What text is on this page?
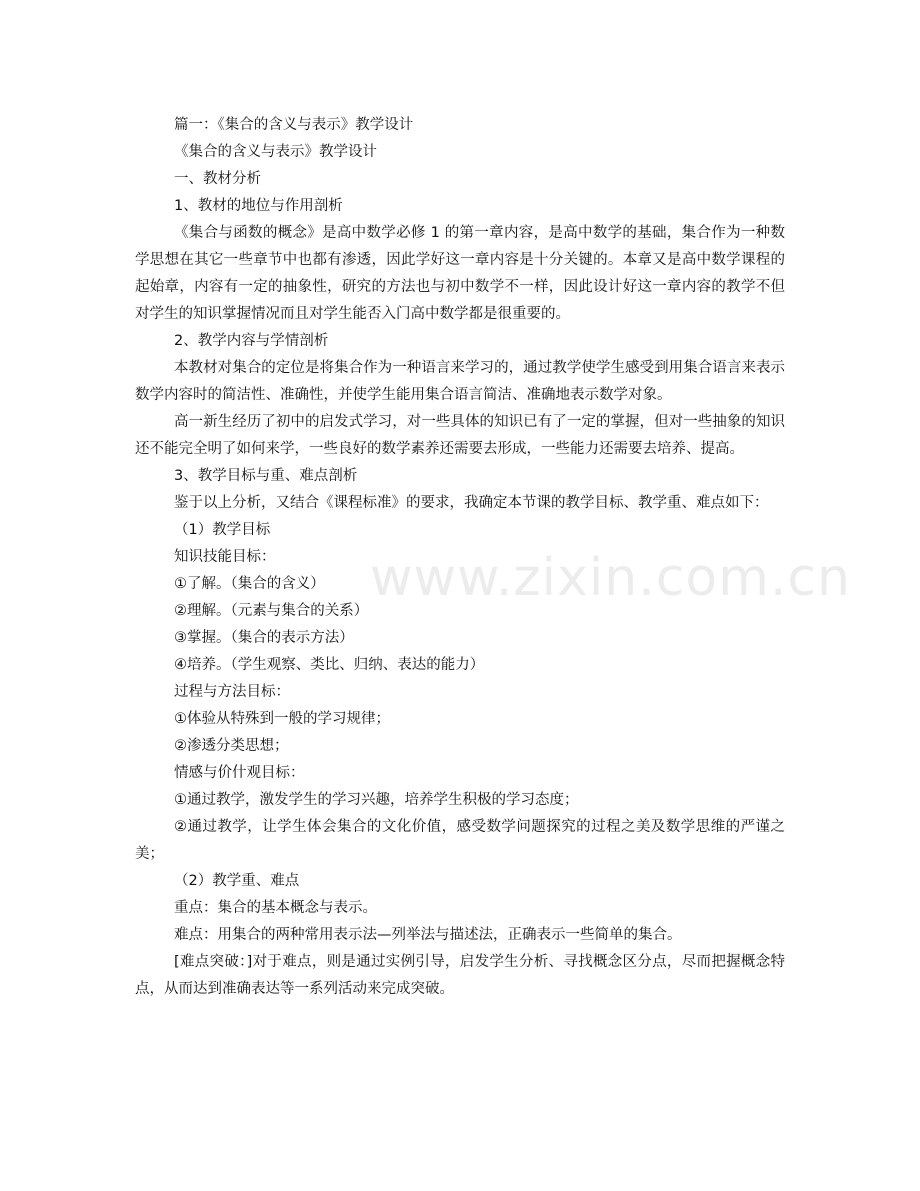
篇一：《集合的含义与表示》教学设计

《集合的含义与表示》教学设计

一、教材分析

1、教材的地位与作用剖析

《集合与函数的概念》是高中数学必修 1 的第一章内容，是高中数学的基础，集合作为一种数学思想在其它一些章节中也都有渗透，因此学好这一章内容是十分关键的。本章又是高中数学课程的起始章，内容有一定的抽象性，研究的方法也与初中数学不一样，因此设计好这一章内容的教学不但对学生的知识掌握情况而且对学生能否入门高中数学都是很重要的。

2、教学内容与学情剖析

本教材对集合的定位是将集合作为一种语言来学习的，通过教学使学生感受到用集合语言来表示数学内容时的简洁性、准确性，并使学生能用集合语言简洁、准确地表示数学对象。

高一新生经历了初中的启发式学习，对一些具体的知识已有了一定的掌握，但对一些抽象的知识还不能完全明了如何来学，一些良好的数学素养还需要去形成，一些能力还需要去培养、提高。

3、教学目标与重、难点剖析

鉴于以上分析，又结合《课程标准》的要求，我确定本节课的教学目标、教学重、难点如下：

（1）教学目标

知识技能目标：

①了解。（集合的含义）

②理解。（元素与集合的关系）

③掌握。（集合的表示方法）

④培养。（学生观察、类比、归纳、表达的能力）

过程与方法目标：

①体验从特殊到一般的学习规律；

②渗透分类思想；

情感与价什观目标：

①通过教学，激发学生的学习兴趣，培养学生积极的学习态度；

②通过教学，让学生体会集合的文化价值，感受数学问题探究的过程之美及数学思维的严谨之美；

（2）教学重、难点

重点：集合的基本概念与表示。

难点：用集合的两种常用表示法—列举法与描述法，正确表示一些简单的集合。

[难点突破：]对于难点，则是通过实例引导，启发学生分析、寻找概念区分点，尽而把握概念特点，从而达到准确表达等一系列活动来完成突破。

www.zixin.com.cn
